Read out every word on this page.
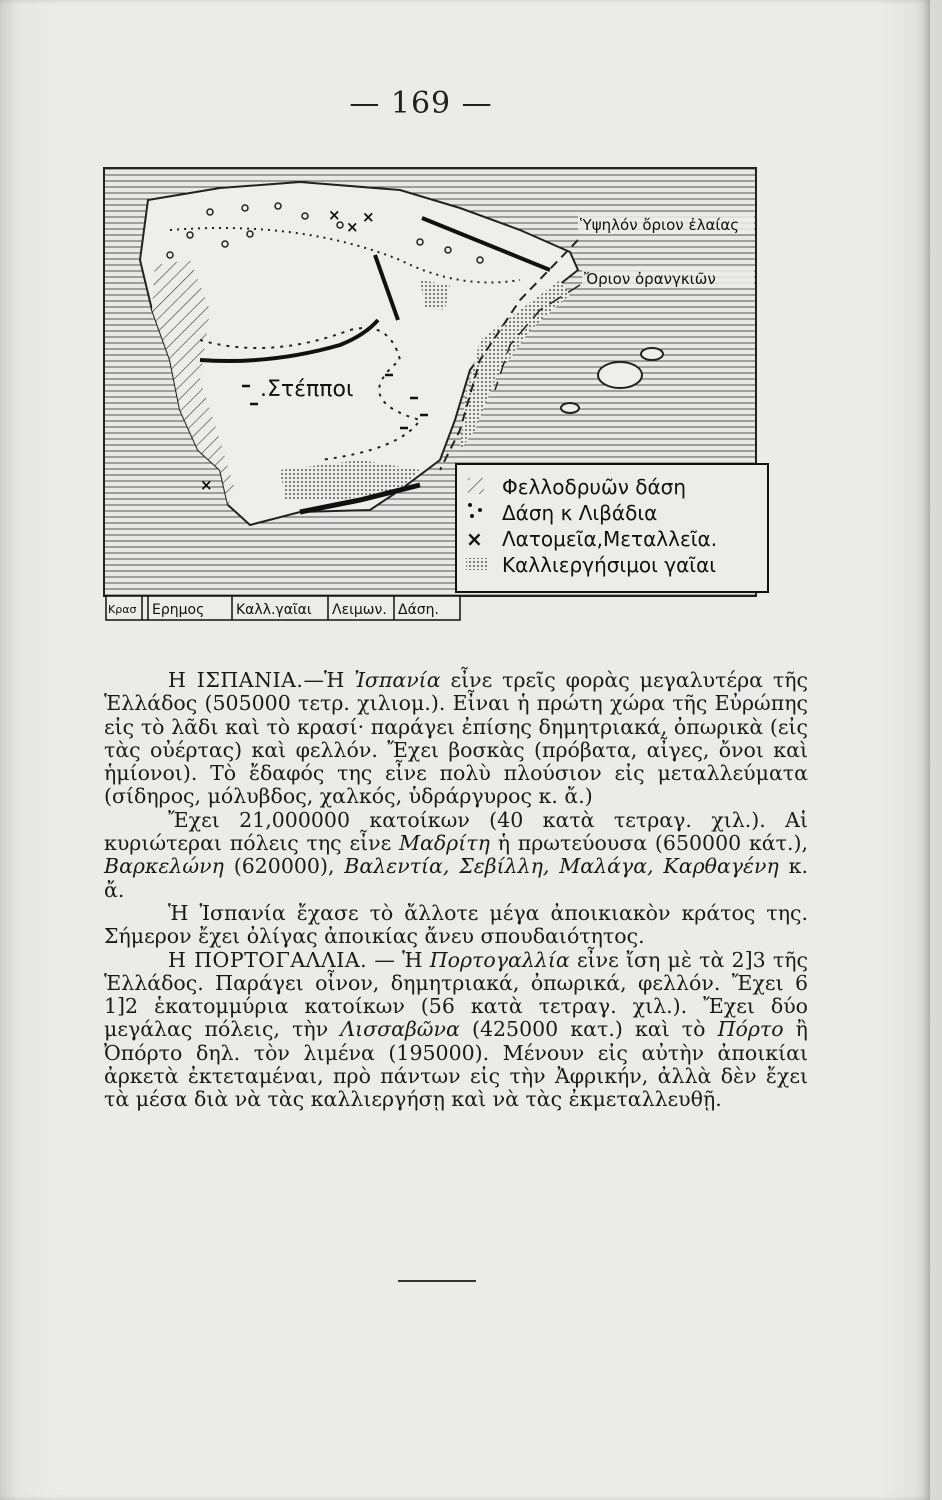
— 169 —
×
×
×
×
.Στέπποι
Ὑψηλόν ὄριον ἐλαίας
Ὄριον ὀρανγκιῶν
Φελλοδρυῶν δάση
Δάση κ Λιβάδια
× Λατομεῖα,Μεταλλεῖα.
Καλλιεργήσιμοι γαῖαι
Κρασ Ερημος Καλλ.γαῖαι Λειμων. Δάση.

Η ΙΣΠΑΝΙΑ.—Ἡ Ἰσπανία εἶνε τρεῖς φορὰς μεγαλυτέρα τῆς Ἑλλάδος (505000 τετρ. χιλιομ.). Εἶναι ἡ πρώτη χώρα τῆς Εὐρώπης εἰς τὸ λᾶδι καὶ τὸ κρασί· παράγει ἐπίσης δημητριακά, ὀπωρικὰ (εἰς τὰς οὐέρτας) καὶ φελλόν. Ἔχει βοσκὰς (πρόβατα, αἶγες, ὄνοι καὶ ἡμίονοι). Τὸ ἔδαφός της εἶνε πολὺ πλούσιον εἰς μεταλλεύματα (σίδηρος, μόλυβδος, χαλκός, ὑδράργυρος κ. ἄ.)

Ἔχει 21,000000 κατοίκων (40 κατὰ τετραγ. χιλ.). Αἱ κυριώτεραι πόλεις της εἶνε Μαδρίτη ἡ πρωτεύουσα (650000 κάτ.), Βαρκελώνη (620000), Βαλεντία, Σεβίλλη, Μαλάγα, Καρθαγένη κ. ἄ.

Ἡ Ἰσπανία ἔχασε τὸ ἄλλοτε μέγα ἀποικιακὸν κράτος της. Σήμερον ἔχει ὀλίγας ἀποικίας ἄνευ σπουδαιότητος.

Η ΠΟΡΤΟΓΑΛΛΙΑ. — Ἡ Πορτογαλλία εἶνε ἴση μὲ τὰ 2]3 τῆς Ἑλλάδος. Παράγει οἶνον, δημητριακά, ὀπωρικά, φελλόν. Ἔχει 6 1]2 ἑκατομμύρια κατοίκων (56 κατὰ τετραγ. χιλ.). Ἔχει δύο μεγάλας πόλεις, τὴν Λισσαβῶνα (425000 κατ.) καὶ τὸ Πόρτο ἢ Ὀπόρτο δηλ. τὸν λιμένα (195000). Μένουν εἰς αὐτὴν ἀποικίαι ἀρκετὰ ἐκτεταμέναι, πρὸ πάντων εἰς τὴν Ἀφρικήν, ἀλλὰ δὲν ἔχει τὰ μέσα διὰ νὰ τὰς καλλιεργήσῃ καὶ νὰ τὰς ἐκμεταλλευθῇ.
